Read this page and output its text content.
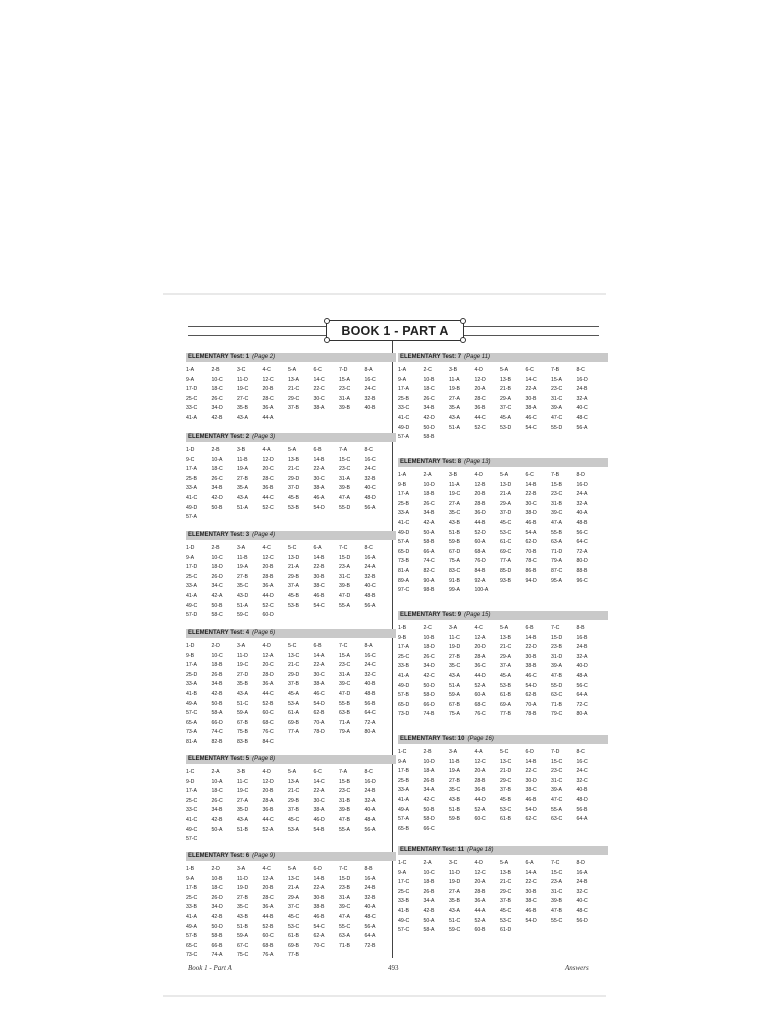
BOOK 1 - PART A
ELEMENTARY Test: 1 (Page 2)
1-A	2-B	3-C	4-C	5-A	6-C	7-D	8-A
9-A	10-C	11-D	12-C	13-A	14-C	15-A	16-C
17-D	18-C	19-C	20-B	21-C	22-C	23-C	24-C
25-C	26-C	27-C	28-C	29-C	30-C	31-A	32-B
33-C	34-D	35-B	36-A	37-B	38-A	39-B	40-B
41-A	42-B	43-A	44-A
ELEMENTARY Test: 2 (Page 3)
1-D	2-B	3-B	4-A	5-A	6-B	7-A	8-C
9-C	10-A	11-B	12-D	13-B	14-B	15-C	16-C
17-A	18-C	19-A	20-C	21-C	22-A	23-C	24-C
25-B	26-C	27-B	28-C	29-D	30-C	31-A	32-B
33-A	34-B	35-A	36-B	37-D	38-A	39-B	40-C
41-C	42-D	43-A	44-C	45-B	46-A	47-A	48-D
49-D	50-B	51-A	52-C	53-B	54-D	55-D	56-A
57-A
ELEMENTARY Test: 3 (Page 4)
1-D	2-B	3-A	4-C	5-C	6-A	7-C	8-C
9-A	10-C	11-B	12-C	13-D	14-B	15-D	16-A
17-D	18-D	19-A	20-B	21-A	22-B	23-A	24-A
25-C	26-D	27-B	28-B	29-B	30-B	31-C	32-B
33-A	34-C	35-C	36-A	37-A	38-C	39-B	40-C
41-A	42-A	43-D	44-D	45-B	46-B	47-D	48-B
49-C	50-B	51-A	52-C	53-B	54-C	55-A	56-A
57-D	58-C	59-C	60-D
ELEMENTARY Test: 4 (Page 6)
1-D	2-D	3-A	4-D	5-C	6-B	7-C	8-A
9-B	10-C	11-D	12-A	13-C	14-A	15-A	16-C
17-A	18-B	19-C	20-C	21-C	22-A	23-C	24-C
25-D	26-B	27-D	28-D	29-D	30-C	31-A	32-C
33-A	34-B	35-B	36-A	37-B	38-A	39-C	40-B
41-B	42-B	43-A	44-C	45-A	46-C	47-D	48-B
49-A	50-B	51-C	52-B	53-A	54-D	55-B	56-B
57-C	58-A	59-A	60-C	61-A	62-B	63-B	64-C
65-A	66-D	67-B	68-C	69-B	70-A	71-A	72-A
73-A	74-C	75-B	76-C	77-A	78-D	79-A	80-A
81-A	82-B	83-B	84-C
ELEMENTARY Test: 5 (Page 8)
1-C	2-A	3-B	4-D	5-A	6-C	7-A	8-C
9-D	10-A	11-C	12-D	13-A	14-C	15-B	16-D
17-A	18-C	19-C	20-B	21-C	22-A	23-C	24-B
25-C	26-C	27-A	28-A	29-B	30-C	31-B	32-A
33-C	34-B	35-D	36-B	37-B	38-A	39-B	40-A
41-C	42-B	43-A	44-C	45-C	46-D	47-B	48-A
49-C	50-A	51-B	52-A	53-A	54-B	55-A	56-A
57-C
ELEMENTARY Test: 6 (Page 9)
1-B	2-D	3-A	4-C	5-A	6-D	7-C	8-B
9-A	10-B	11-D	12-A	13-C	14-B	15-D	16-A
17-B	18-C	19-D	20-B	21-A	22-A	23-B	24-B
25-C	26-D	27-B	28-C	29-A	30-B	31-A	32-B
33-B	34-D	35-C	36-A	37-C	38-B	39-C	40-A
41-A	42-B	43-B	44-B	45-C	46-B	47-A	48-C
49-A	50-D	51-B	52-B	53-C	54-C	55-C	56-A
57-B	58-B	59-A	60-C	61-B	62-A	63-A	64-A
65-C	66-B	67-C	68-B	69-B	70-C	71-B	72-B
73-C	74-A	75-C	76-A	77-B
ELEMENTARY Test: 7 (Page 11)
1-A	2-C	3-B	4-D	5-A	6-C	7-B	8-C
9-A	10-B	11-A	12-D	13-B	14-C	15-A	16-D
17-A	18-C	19-B	20-A	21-B	22-A	23-C	24-B
25-B	26-C	27-A	28-C	29-A	30-B	31-C	32-A
33-C	34-B	35-A	36-B	37-C	38-A	39-A	40-C
41-C	42-D	43-A	44-C	45-A	46-C	47-C	48-C
49-D	50-D	51-A	52-C	53-D	54-C	55-D	56-A
57-A	58-B
ELEMENTARY Test: 8 (Page 13)
1-A	2-A	3-B	4-D	5-A	6-C	7-B	8-D
9-B	10-D	11-A	12-B	13-D	14-B	15-B	16-D
17-A	18-B	19-C	20-B	21-A	22-B	23-C	24-A
25-B	26-C	27-A	28-B	29-A	30-C	31-B	32-A
33-A	34-B	35-C	36-D	37-D	38-D	39-C	40-A
41-C	42-A	43-B	44-B	45-C	46-B	47-A	48-B
49-D	50-A	51-B	52-D	53-C	54-A	55-B	56-C
57-A	58-B	59-B	60-A	61-C	62-D	63-A	64-C
65-D	66-A	67-D	68-A	69-C	70-B	71-D	72-A
73-B	74-C	75-A	76-D	77-A	78-C	79-A	80-D
81-A	82-C	83-C	84-B	85-D	86-B	87-C	88-B
89-A	90-A	91-B	92-A	93-B	94-D	95-A	96-C
97-C	98-B	99-A	100-A
ELEMENTARY Test: 9 (Page 15)
1-B	2-C	3-A	4-C	5-A	6-B	7-C	8-B
9-B	10-B	11-C	12-A	13-B	14-B	15-D	16-B
17-A	18-D	19-D	20-D	21-C	22-D	23-B	24-B
25-C	26-C	27-B	28-A	29-A	30-B	31-D	32-A
33-B	34-D	35-C	36-C	37-A	38-B	39-A	40-D
41-A	42-C	43-A	44-D	45-A	46-C	47-B	48-A
49-D	50-D	51-A	52-A	53-B	54-D	55-D	56-C
57-B	58-D	59-A	60-A	61-B	62-B	63-C	64-A
65-D	66-D	67-B	68-C	69-A	70-A	71-B	72-C
73-D	74-B	75-A	76-C	77-B	78-B	79-C	80-A
ELEMENTARY Test: 10 (Page 16)
1-C	2-B	3-A	4-A	5-C	6-D	7-D	8-C
9-A	10-D	11-B	12-C	13-C	14-B	15-C	16-C
17-B	18-A	19-A	20-A	21-D	22-C	23-C	24-C
25-B	26-B	27-B	28-B	29-C	30-D	31-C	32-C
33-A	34-A	35-C	36-B	37-B	38-C	39-A	40-B
41-A	42-C	43-B	44-D	45-B	46-B	47-C	48-D
49-A	50-B	51-B	52-A	53-C	54-D	55-A	56-B
57-A	58-D	59-B	60-C	61-B	62-C	63-C	64-A
65-B	66-C
ELEMENTARY Test: 11 (Page 18)
1-C	2-A	3-C	4-D	5-A	6-A	7-C	8-D
9-A	10-C	11-D	12-C	13-B	14-A	15-C	16-A
17-C	18-B	19-D	20-A	21-C	22-C	23-A	24-B
25-C	26-B	27-A	28-B	29-C	30-B	31-C	32-C
33-B	34-A	35-B	36-A	37-B	38-C	39-B	40-C
41-B	42-B	43-A	44-A	45-C	46-B	47-B	48-C
49-C	50-A	51-C	52-A	53-C	54-D	55-C	56-D
57-C	58-A	59-C	60-B	61-D
Book 1 - Part A	493	Answers
